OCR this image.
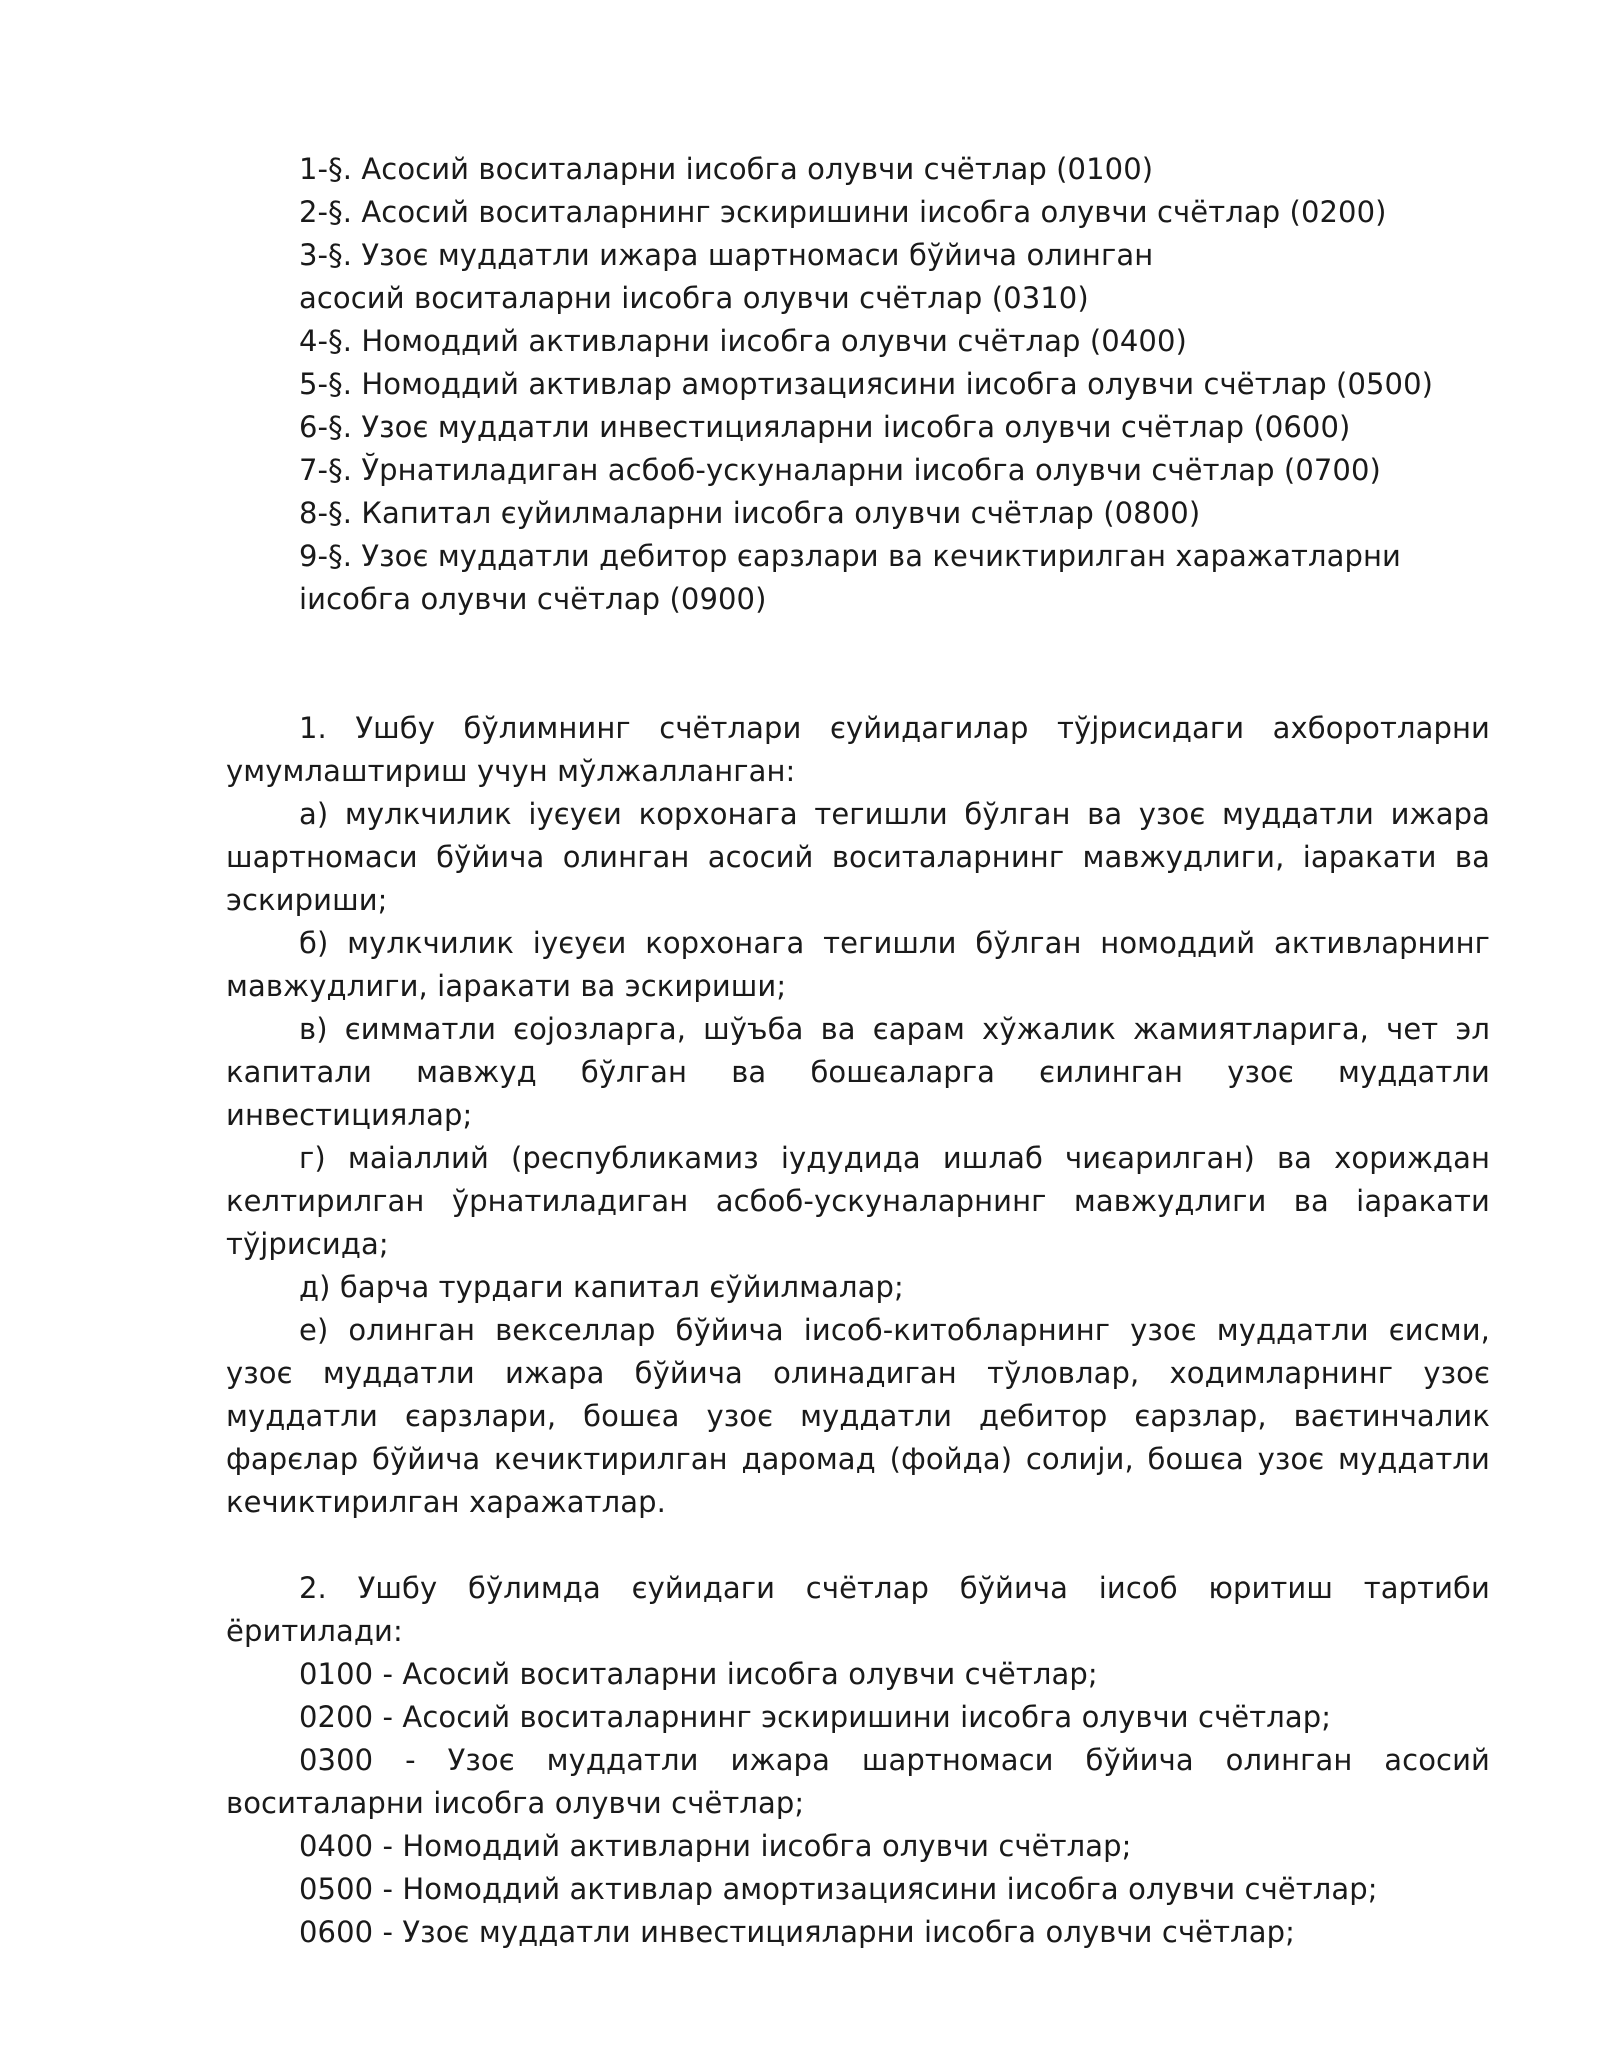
1-§. Асосий воситаларни іисобга олувчи счётлар (0100)
2-§. Асосий воситаларнинг эскиришини іисобга олувчи счётлар (0200)
3-§. Узоє муддатли ижара шартномаси бўйича олинган
асосий воситаларни іисобга олувчи счётлар (0310)
4-§. Номоддий активларни іисобга олувчи счётлар (0400)
5-§. Номоддий активлар амортизациясини іисобга олувчи счётлар (0500)
6-§. Узоє муддатли инвестицияларни іисобга олувчи счётлар (0600)
7-§. Ўрнатиладиган асбоб-ускуналарни іисобга олувчи счётлар (0700)
8-§. Капитал єуйилмаларни іисобга олувчи счётлар (0800)
9-§. Узоє муддатли дебитор єарзлари ва кечиктирилган харажатларни
іисобга олувчи счётлар (0900)

1. Ушбу бўлимнинг счётлари єуйидагилар тўјрисидаги ахборотларни умумлаштириш учун мўлжалланган:

а) мулкчилик іуєуєи корхонага тегишли бўлган ва узоє муддатли ижара шартномаси бўйича олинган асосий воситаларнинг мавжудлиги, іаракати ва эскириши;

б) мулкчилик іуєуєи корхонага тегишли бўлган номоддий активларнинг мавжудлиги, іаракати ва эскириши;

в) єимматли єојозларга, шўъба ва єарам хўжалик жамиятларига, чет эл капитали мавжуд бўлган ва бошєаларга єилинган узоє муддатли инвестициялар;

г) маіаллий (республикамиз іудудида ишлаб чиєарилган) ва хориждан келтирилган ўрнатиладиган асбоб-ускуналарнинг мавжудлиги ва іаракати тўјрисида;

д) барча турдаги капитал єўйилмалар;

е) олинган векселлар бўйича іисоб-китобларнинг узоє муддатли єисми, узоє муддатли ижара бўйича олинадиган тўловлар, ходимларнинг узоє муддатли єарзлари, бошєа узоє муддатли дебитор єарзлар, ваєтинчалик фарєлар бўйича кечиктирилган даромад (фойда) солији, бошєа узоє муддатли кечиктирилган харажатлар.

2. Ушбу бўлимда єуйидаги счётлар бўйича іисоб юритиш тартиби ёритилади:

0100 - Асосий воситаларни іисобга олувчи счётлар;
0200 - Асосий воситаларнинг эскиришини іисобга олувчи счётлар;

0300 - Узоє муддатли ижара шартномаси бўйича олинган асосий воситаларни іисобга олувчи счётлар;

0400 - Номоддий активларни іисобга олувчи счётлар;
0500 - Номоддий активлар амортизациясини іисобга олувчи счётлар;
0600 - Узоє муддатли инвестицияларни іисобга олувчи счётлар;
